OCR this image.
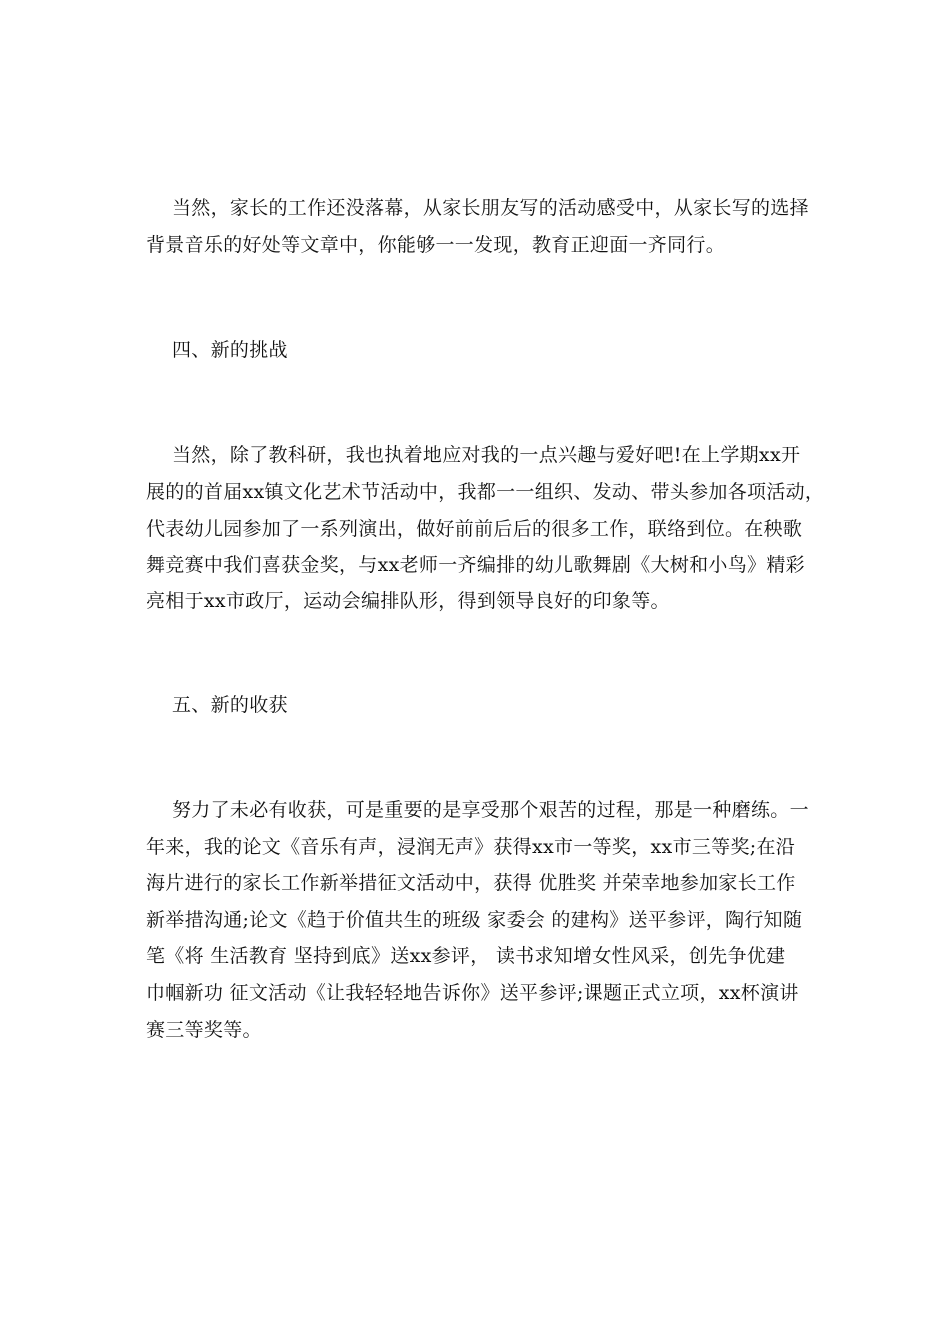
当然，家长的工作还没落幕，从家长朋友写的活动感受中，从家长写的选择
背景音乐的好处等文章中，你能够一一发现，教育正迎面一齐同行。
四、新的挑战
当然，除了教科研，我也执着地应对我的一点兴趣与爱好吧!在上学期xx开
展的的首届xx镇文化艺术节活动中，我都一一组织、发动、带头参加各项活动，
代表幼儿园参加了一系列演出，做好前前后后的很多工作，联络到位。在秧歌
舞竞赛中我们喜获金奖，与xx老师一齐编排的幼儿歌舞剧《大树和小鸟》精彩
亮相于xx市政厅，运动会编排队形，得到领导良好的印象等。
五、新的收获
努力了未必有收获，可是重要的是享受那个艰苦的过程，那是一种磨练。一
年来，我的论文《音乐有声，浸润无声》获得xx市一等奖，xx市三等奖;在沿
海片进行的家长工作新举措征文活动中，获得 优胜奖 并荣幸地参加家长工作
新举措沟通;论文《趋于价值共生的班级 家委会 的建构》送平参评，陶行知随
笔《将 生活教育 坚持到底》送xx参评， 读书求知增女性风采，创先争优建
巾帼新功 征文活动《让我轻轻地告诉你》送平参评;课题正式立项，xx杯演讲
赛三等奖等。
